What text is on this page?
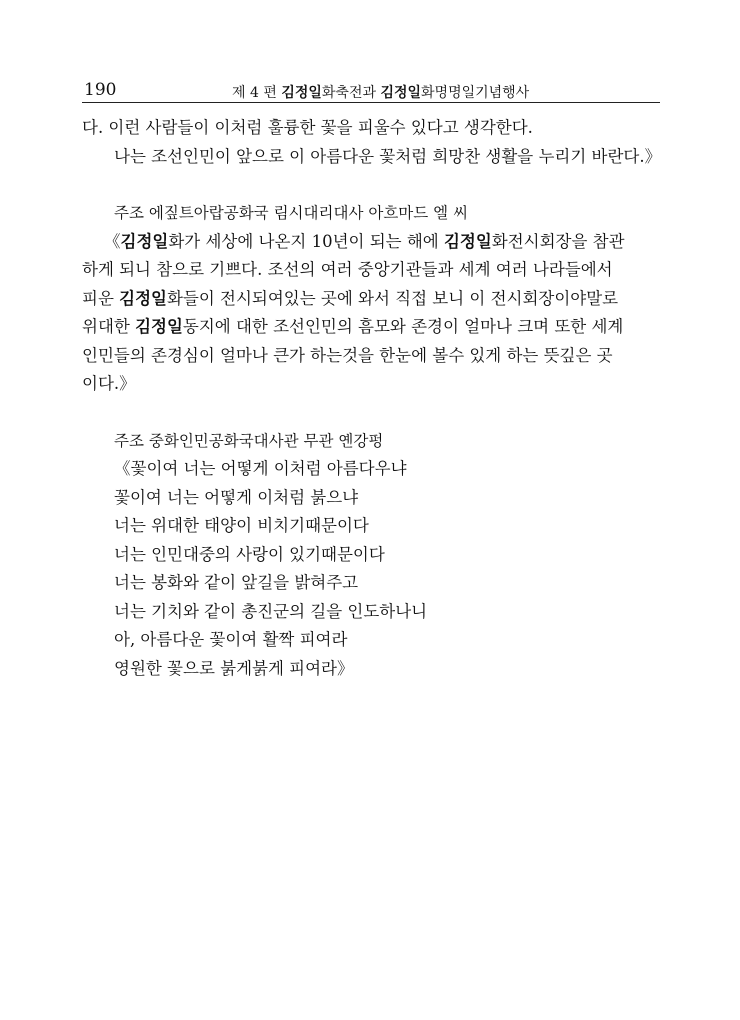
190	제 4 편 김정일화축전과 김정일화명명일기념행사
다. 이런 사람들이 이처럼 훌륭한 꽃을 피울수 있다고 생각한다.
나는 조선인민이 앞으로 이 아름다운 꽃처럼 희망찬 생활을 누리기 바란다.》
주조 에짚트아랍공화국 림시대리대사 아흐마드 엘 씨
《김정일화가 세상에 나온지 10년이 되는 해에 김정일화전시회장을 참관
하게 되니 참으로 기쁘다. 조선의 여러 중앙기관들과 세계 여러 나라들에서
피운 김정일화들이 전시되여있는 곳에 와서 직접 보니 이 전시회장이야말로
위대한 김정일동지에 대한 조선인민의 흠모와 존경이 얼마나 크며 또한 세계
인민들의 존경심이 얼마나 큰가 하는것을 한눈에 볼수 있게 하는 뜻깊은 곳
이다.》
주조 중화인민공화국대사관 무관 옌강펑
《꽃이여 너는 어떻게 이처럼 아름다우냐
꽃이여 너는 어떻게 이처럼 붉으냐
너는 위대한 태양이 비치기때문이다
너는 인민대중의 사랑이 있기때문이다
너는 봉화와 같이 앞길을 밝혀주고
너는 기치와 같이 총진군의 길을 인도하나니
아, 아름다운 꽃이여 활짝 피여라
영원한 꽃으로 붉게붉게 피여라》
